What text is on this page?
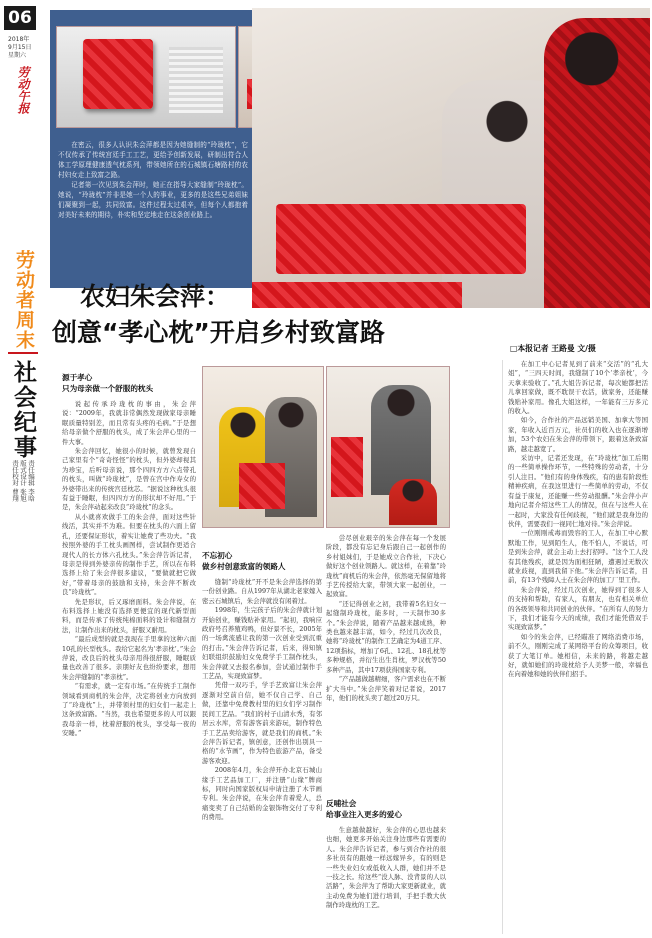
06
2018年
9月15日
星期六
劳动午报
劳动者周末
社会纪事
责任编辑 李晗
版式设计 张旭
责任校对 曹翔

在密云，很多人认识朱会萍都是因为她缝制的“玲珑枕”，它不仅传承了传统宫廷手工工艺，更给予创新发展，研制出符合人体工学原理健康透气枕系列，带领她所在的石城镇石塘路村的农村妇女走上致富之路。

记者第一次见到朱会萍时，她正在指导大家缝制“玲珑枕”。她说，“玲珑枕”并非是她一个人的事业，更多的是这些兄弟姐妹们凝聚到一起，共同致富。这件过程太过艰辛，但每个人都抱着对美好未来的期待，朴实和坚定地走在这条创业路上。

农妇朱会萍：
创意“孝心枕”开启乡村致富路
□本报记者 王路曼 文/摄
源于孝心
只为母亲做一个舒服的枕头
不忘初心
做乡村创意致富的领路人
反哺社会
给事业注入更多的爱心

说起传承玲珑枕的事由，朱会萍说：“2009年，我就非常偶然发现做家母亲睡眠质量特别差，而且常有头疼的毛病。”于是想给母亲做个舒服的枕头，成了朱会萍心里的一件大事。

朱会萍回忆，她很小的时候，就曾发现自己家里有个“奇奇怪怪”的枕头，但外婆却视其为珍宝，后听母亲说，那个四四方方六点带孔的枕头，叫做“玲珑枕”，是曾在宫中作寿女的外婆带出来的传统宫廷枕芯。“据说这种枕头很有益于睡眠，但四四方方的形状却不好用。”于是，朱会萍动起来改良“玲珑枕”的念头。

从小就喜欢做手工的朱会萍，面对这些针线活，其实并不为难。但要在枕头的六面上留孔，还要保证形状，着实让她费了些功夫。“我按照外婆的手工枕头画图样，尝试制作更适合现代人的长方体六孔枕头。”朱会萍告诉记者，母亲是得到外婆亲传的制作手艺，所以在布料选择上给了朱会萍很多建议，“要做就把它做好，”带着母亲的鼓励和支持，朱会萍不断改良“玲珑枕”。

先是形状，后又琢磨面料。朱会萍说，在布料选择上她没有选择更便宜的现代新型面料，而是传承了传统纯棉面料的设计和缝制方法，让制作出来的枕头，舒服又耐用。

“最后成型的就是我现在手里拿的这种六面10孔的长型枕头。我给它起名为‘孝亲枕’。”朱会萍说，改良后的枕头母亲用得很舒服，睡眠质量也改善了很多。亲朋好友也纷纷要求，想用朱会萍缝制的“孝亲枕”。

“有需求，就一定有市场。”在传统手工制作领域看到商机的朱会萍，决定将创业方向放到了“玲珑枕”上，并带领村里的妇女们一起走上这条致富路。“当然，我也希望更多的人可以跟我母亲一样，枕着舒服的枕头，享受每一夜的安睡。”

缝制“玲珑枕”开不是朱会萍选择的第一份创业路。自从1997年从湖北老家嫁入密云石城镇后，朱会萍就没有闲着过。

1998年，生完孩子后的朱会萍就计划开始创业，赚钱贴补家用。“起初，我响应政府号召养殖鸡鸭，但好景不长，2005年的一场禽流感让我的第一次创业受到沉重的打击。”朱会萍告诉记者，后来，得知镇妇联组织鼓励妇女免费学手工制作枕头，朱会萍就又去报名参加，尝试通过制作手工艺品，实现致富梦。

凭借一双巧手，学手艺致富让朱会萍逐渐对空前自信，她不仅自己学、自己做，还靠中免费教村里的妇女们学习制作民间工艺品。“我们的村子山清水秀，有邻居云水库，常有游客前来游玩，制作特色手工艺品卖给游客，就是我们的商机。”朱会萍告诉记者，镇创意，还创作出别具一格的“水节画”，作为特色旅游产品，备受游客欢迎。

2008年4月，朱会萍开办北京石城山缘手工艺品加工厂，并注册“山缘”牌商标，同时向国家版权局申请注册了木节画专利。朱会萍说，在朱会萍肯着爱人，总痛变卖了自己结婚的金银饰物交付了专利的费用。

尝尽创业艰辛的朱会萍在每一个发展阶段，都没有忘记身后跟自己一起创作的乡村姐妹们，于是她成立合作社，下决心做好这个创业领路人。就这样，在着靠“玲珑枕”商机后的朱会萍，依然毫无保留地将手艺传授给大家，带领大家一起创业，一起致富。

“还记得创业之初，我带着5名妇女一起缝制玲珑枕，能多时，一天制作30多个。”朱会萍说，随着产品越来越成熟，种类也越来越丰富，如今，经过几次改良，她将“玲珑枕”的制作工艺确定为4道工序、12项指标，增加了6孔、12孔、18孔枕等多种规格，并衍生出生肖枕，罗汉枕等50多种产品，其中17项获得国家专利。

“产品越做越精细，客户需求也在不断扩大当中。”朱会萍笑着对记者说，2017年，他们的枕头卖了超过20万只。

生意越做越好，朱会萍的心思也越来也细，她更多开始关注身边那些有需要的人。朱会萍告诉记者，参与到合作社的很多社员有的跟她一样远嫁异乡，有的则是一些失业妇女或低收入人群，她们并不是一技之长。给这些“没人脉、没背景的人以活路”，朱会萍为了帮助大家更新就业，就主动免费为她们进行培训，手把手教大伙制作玲珑枕的工艺。

在加工中心记者见到了前来“交活”的“孔大姐”，“三四天时间，我缝制了10个‘孝亲枕’，今天拿来验收了。”孔大姐告诉记者，每次她都把活儿拿回家做，既不耽误干农活，做家务，还能赚钱贴补家用。像孔大姐这样，一年能有三万多元的收入。

如今，合作社的产品远销美国、加拿大等国家，年收入近百万元，社员们的收入也在逐渐增加，53个农妇在朱会萍的带领下，跟着这条致富路，越走越宽了。

采访中，记者还发现，在“玲珑枕”加工后期的一些简单操作环节，一些特殊的劳动者，十分引人注目。“他们有的身体残疾，有的患有阶段性精神疾病，在我这里进行一些简单的劳动，不仅有益于康复，还能赚一些劳动报酬。”朱会萍小声地向记者介绍这些工人的情况，但在与这些人在一起时，大家没有任何歧视，“他们就是我身边的伙伴，需要我们一视同仁地对待。”朱会萍说。

一位刚刚戒毒而毁容的工人，在加工中心默默地工作，见到陌生人，他不怕人，不说话，可是到朱会萍，就会主动上去打招呼。“这个工人没有其他残疾，就是因为面相狂陋，遭遇过无数次就业歧视，直到我留下他。”朱会萍告诉记者，目前，有13个残障人士在朱会萍的加工厂里工作。

朱会萍说，经过几次创业，她得到了很多人的支持和帮助，有家人，有朋友，也有相关单位的各级领导和共同创业的伙伴。“在所有人的努力下，我们才能有今天的成绩，我们才能凭借双手实现致富梦。”

如今的朱会萍，已经瞄准了网络消费市场，前不久，刚刚完成了某网络平台的众筹项目，收获了大笔订单。她相信，未来的路，将越走越好，就如她们的玲珑枕给予人美梦一般，幸福也在向着她和她的伙伴们招手。
